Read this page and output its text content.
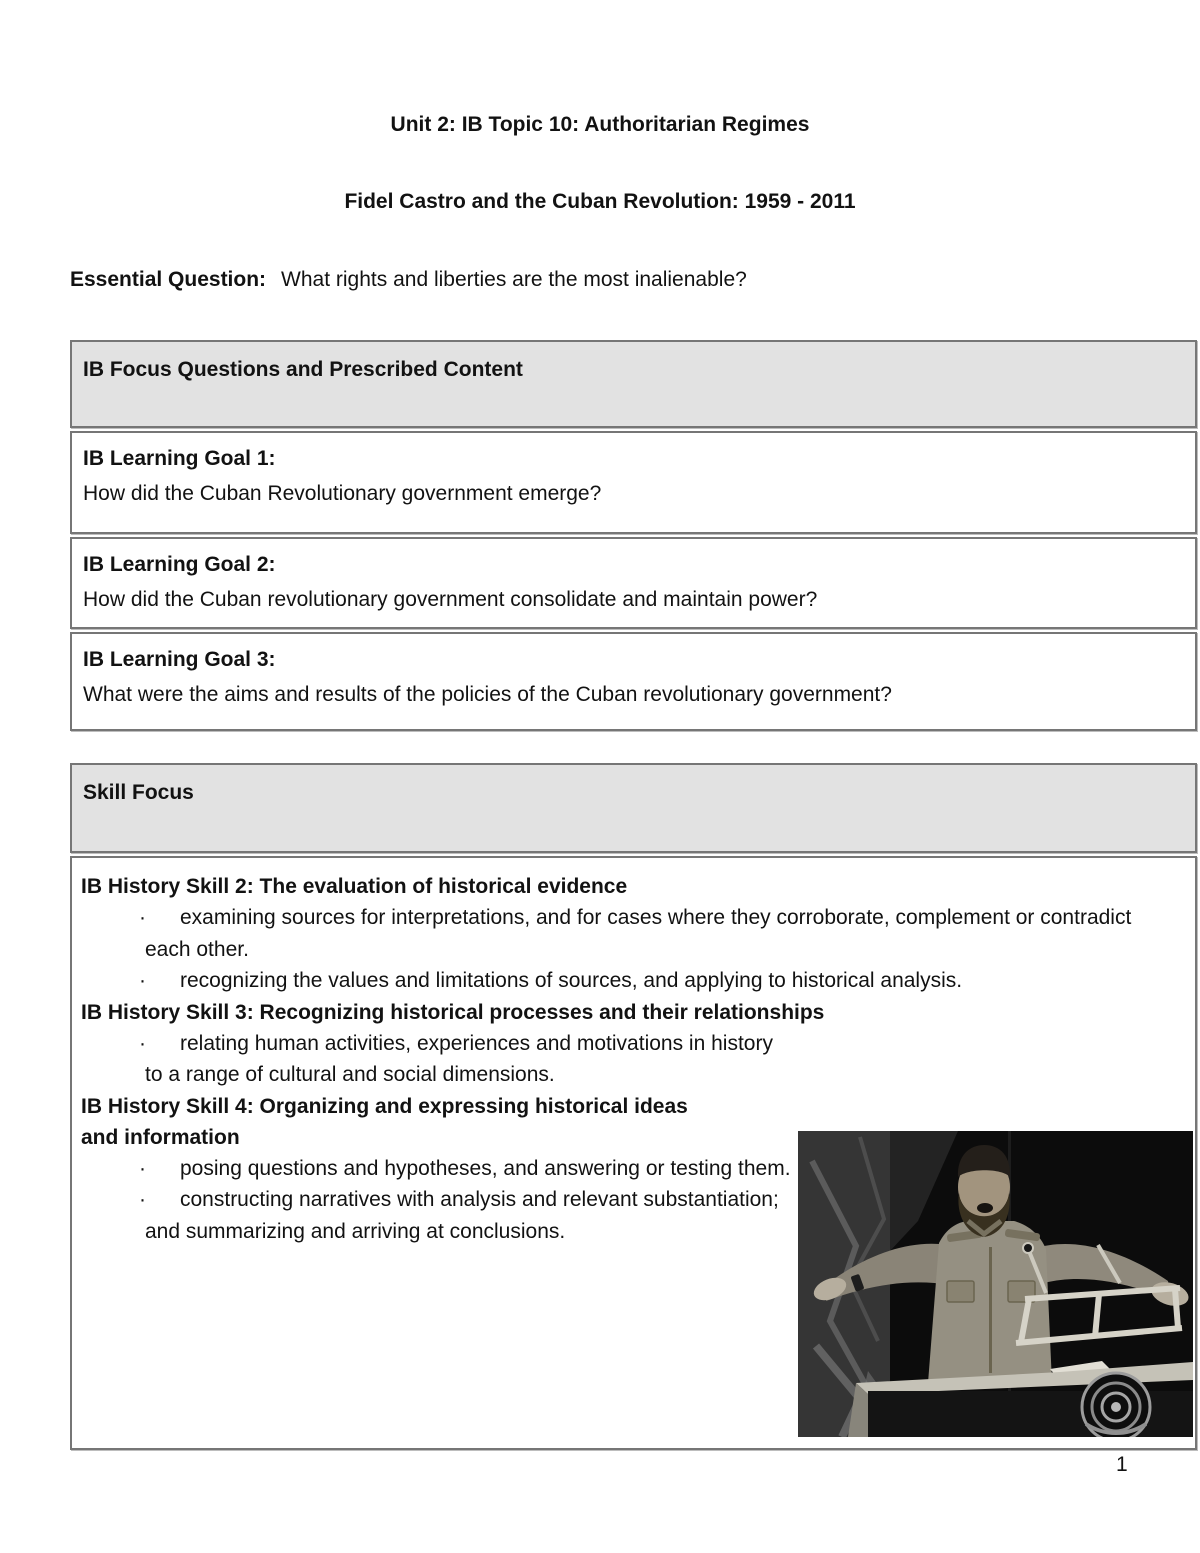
Unit 2: IB Topic 10: Authoritarian Regimes
Fidel Castro and the Cuban Revolution: 1959 - 2011

Essential Question: What rights and liberties are the most inalienable?

IB Focus Questions and Prescribed Content
IB Learning Goal 1:
How did the Cuban Revolutionary government emerge?
IB Learning Goal 2:
How did the Cuban revolutionary government consolidate and maintain power?
IB Learning Goal 3:
What were the aims and results of the policies of the Cuban revolutionary government?
Skill Focus
IB History Skill 2: The evaluation of historical evidence

· examining sources for interpretations, and for cases where they corroborate, complement or contradict each other.

· recognizing the values and limitations of sources, and applying to historical analysis.

IB History Skill 3: Recognizing historical processes and their relationships

· relating human activities, experiences and motivations in history to a range of cultural and social dimensions.

IB History Skill 4: Organizing and expressing historical ideas and information

· posing questions and hypotheses, and answering or testing them.

· constructing narratives with analysis and relevant substantiation; and summarizing and arriving at conclusions.

1
